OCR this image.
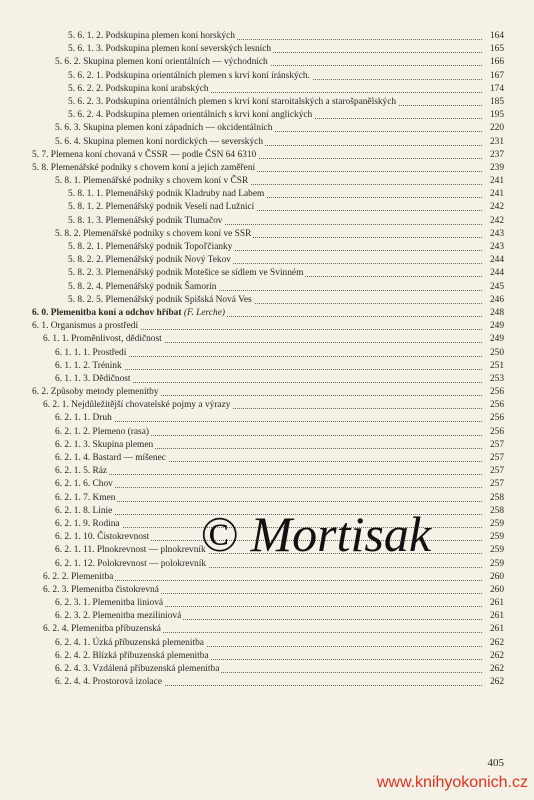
5. 6. 1. 2. Podskupina plemen koní horských	164
5. 6. 1. 3. Podskupina plemen koní severských lesních	165
5. 6. 2. Skupina plemen koní orientálních — východních	166
5. 6. 2. 1. Podskupina orientálních plemen s krví koní íránských.	167
5. 6. 2. 2. Podskupina koní arabských	174
5. 6. 2. 3. Podskupina orientálních plemen s krví koní staroitalských a starošpanělských	185
5. 6. 2. 4. Podskupina plemen orientálních s krví koní anglických	195
5. 6. 3. Skupina plemen koní západních — okcidentálních	220
5. 6. 4. Skupina plemen koní nordických — severských	231
5. 7. Plemena koní chovaná v ČSSR — podle ČSN 64 6310	237
5. 8. Plemenářské podniky s chovem koní a jejich zaměření	239
5. 8. 1. Plemenářské podniky s chovem koní v ČSR	241
5. 8. 1. 1. Plemenářský podnik Kladruby nad Labem	241
5. 8. 1. 2. Plemenářský podnik Veselí nad Lužnicí	242
5. 8. 1. 3. Plemenářský podnik Tlumačov	242
5. 8. 2. Plemenářské podniky s chovem koní ve SSR	243
5. 8. 2. 1. Plemenářský podnik Topoľčianky	243
5. 8. 2. 2. Plemenářský podnik Nový Tekov	244
5. 8. 2. 3. Plemenářský podnik Motešice se sídlem ve Svinném	244
5. 8. 2. 4. Plemenářský podnik Šamorín	245
5. 8. 2. 5. Plemenářský podnik Spišská Nová Ves	246
6. 0. Plemenitba koní a odchov hříbat (F. Lerche)	248
6. 1. Organismus a prostředí	249
6. 1. 1. Proměnlivost, dědičnost	249
6. 1. 1. 1. Prostředí	250
6. 1. 1. 2. Trénink	251
6. 1. 1. 3. Dědičnost	253
6. 2. Způsoby metody plemenitby	256
6. 2. 1. Nejdůležitější chovatelské pojmy a výrazy	256
6. 2. 1. 1. Druh	256
6. 2. 1. 2. Plemeno (rasa)	256
6. 2. 1. 3. Skupina plemen	257
6. 2. 1. 4. Bastard — míšenec	257
6. 2. 1. 5. Ráz	257
6. 2. 1. 6. Chov	257
6. 2. 1. 7. Kmen	258
6. 2. 1. 8. Linie	258
6. 2. 1. 9. Rodina	259
6. 2. 1. 10. Čistokrevnost	259
6. 2. 1. 11. Plnokrevnost — plnokrevník	259
6. 2. 1. 12. Polokrevnost — polokrevník	259
6. 2. 2. Plemenitba	260
6. 2. 3. Plemenitba čistokrevná	260
6. 2. 3. 1. Plemenitba liniová	261
6. 2. 3. 2. Plemenitba meziliniová	261
6. 2. 4. Plemenitba příbuzenská	261
6. 2. 4. 1. Úzká příbuzenská plemenitba	262
6. 2. 4. 2. Blízká příbuzenská plemenitba	262
6. 2. 4. 3. Vzdálená příbuzenská plemenitba	262
6. 2. 4. 4. Prostorová izolace	262
© Mortisak
405
www.knihyokonich.cz
